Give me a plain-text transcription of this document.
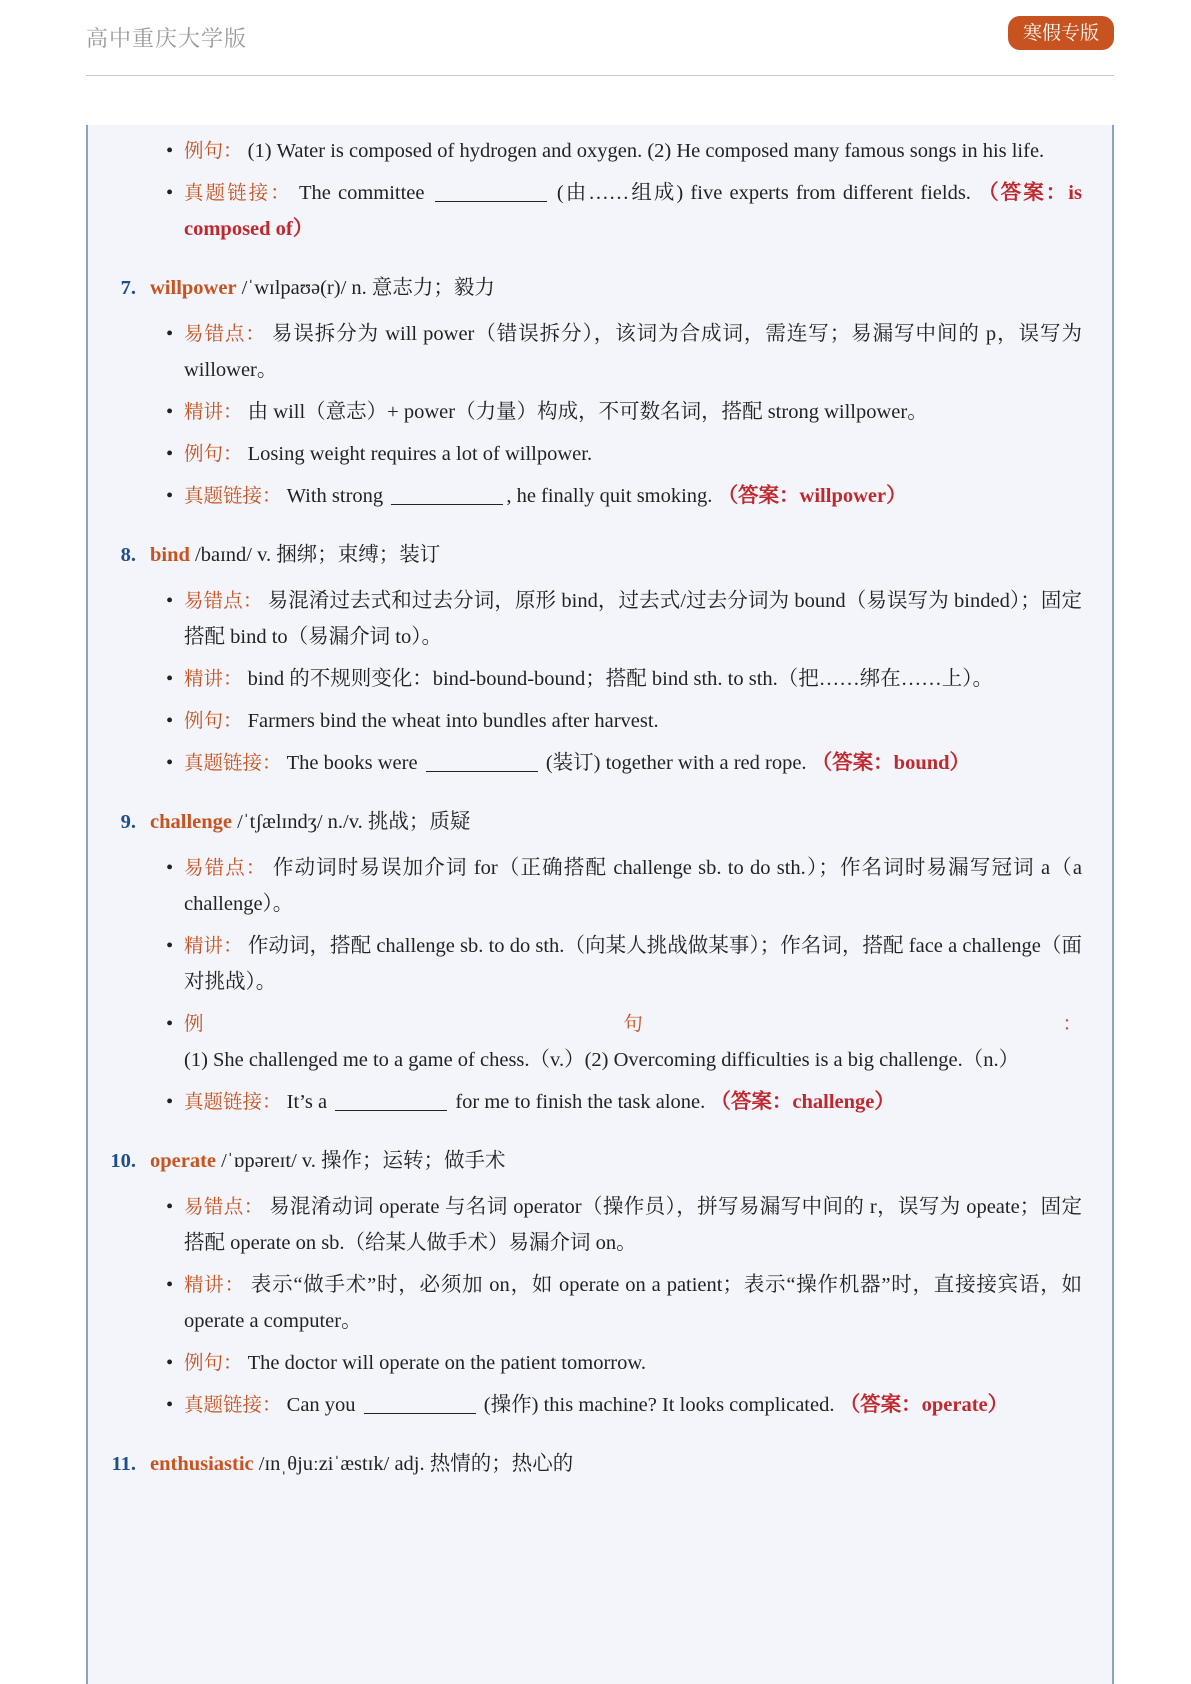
高中重庆大学版	寒假专版
• 例句： (1) Water is composed of hydrogen and oxygen. (2) He composed many famous songs in his life.
• 真题链接： The committee	(由……组成) five experts from different fields. （答案：is composed of）
7. willpower /ˈwɪlpaʊə(r)/ n. 意志力；毅力
• 易错点： 易误拆分为 will power（错误拆分），该词为合成词，需连写；易漏写中间的 p，误写为 willower。
• 精讲： 由 will（意志）+ power（力量）构成，不可数名词，搭配 strong willpower。
• 例句： Losing weight requires a lot of willpower.
• 真题链接： With strong	, he finally quit smoking. （答案：willpower）
8. bind /baɪnd/ v. 捆绑；束缚；装订
• 易错点： 易混淆过去式和过去分词，原形 bind，过去式/过去分词为 bound（易误写为 binded）；固定搭配 bind to（易漏介词 to）。
• 精讲： bind 的不规则变化：bind-bound-bound；搭配 bind sth. to sth.（把……绑在……上）。
• 例句： Farmers bind the wheat into bundles after harvest.
• 真题链接： The books were	(装订) together with a red rope. （答案：bound）
9. challenge /ˈtʃælɪndʒ/ n./v. 挑战；质疑
• 易错点： 作动词时易误加介词 for（正确搭配 challenge sb. to do sth.）；作名词时易漏写冠词 a（a challenge）。
• 精讲： 作动词，搭配 challenge sb. to do sth.（向某人挑战做某事）；作名词，搭配 face a challenge（面对挑战）。
• 例句： (1) She challenged me to a game of chess.（v.）(2) Overcoming difficulties is a big challenge.（n.）
• 真题链接： It’s a	for me to finish the task alone. （答案：challenge）
10. operate /ˈɒpəreɪt/ v. 操作；运转；做手术
• 易错点： 易混淆动词 operate 与名词 operator（操作员），拼写易漏写中间的 r，误写为 opeate；固定搭配 operate on sb.（给某人做手术）易漏介词 on。
• 精讲： 表示“做手术”时，必须加 on，如 operate on a patient；表示“操作机器”时，直接接宾语，如 operate a computer。
• 例句： The doctor will operate on the patient tomorrow.
• 真题链接： Can you	(操作) this machine? It looks complicated. （答案：operate）
11. enthusiastic /ɪnˌθjuːziˈæstɪk/ adj. 热情的；热心的
